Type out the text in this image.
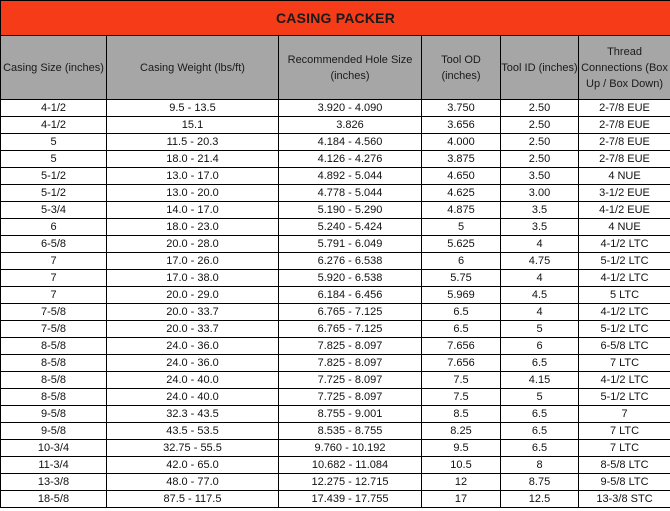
CASING PACKER					
Casing Size (inches)	Casing Weight (lbs/ft)	Recommended Hole Size (inches)	Tool OD (inches)	Tool ID (inches)	Thread Connections (Box Up / Box Down)
4-1/2	9.5 - 13.5	3.920 - 4.090	3.750	2.50	2-7/8 EUE
4-1/2	15.1	3.826	3.656	2.50	2-7/8 EUE
5	11.5 - 20.3	4.184 - 4.560	4.000	2.50	2-7/8 EUE
5	18.0 - 21.4	4.126 - 4.276	3.875	2.50	2-7/8 EUE
5-1/2	13.0 - 17.0	4.892 - 5.044	4.650	3.50	4 NUE
5-1/2	13.0 - 20.0	4.778 - 5.044	4.625	3.00	3-1/2 EUE
5-3/4	14.0 - 17.0	5.190 - 5.290	4.875	3.5	4-1/2 EUE
6	18.0 - 23.0	5.240 - 5.424	5	3.5	4 NUE
6-5/8	20.0 - 28.0	5.791 - 6.049	5.625	4	4-1/2 LTC
7	17.0 - 26.0	6.276 - 6.538	6	4.75	5-1/2 LTC
7	17.0 - 38.0	5.920 - 6.538	5.75	4	4-1/2 LTC
7	20.0 - 29.0	6.184 - 6.456	5.969	4.5	5 LTC
7-5/8	20.0 - 33.7	6.765 - 7.125	6.5	4	4-1/2 LTC
7-5/8	20.0 - 33.7	6.765 - 7.125	6.5	5	5-1/2 LTC
8-5/8	24.0 - 36.0	7.825 - 8.097	7.656	6	6-5/8 LTC
8-5/8	24.0 - 36.0	7.825 - 8.097	7.656	6.5	7 LTC
8-5/8	24.0 - 40.0	7.725 - 8.097	7.5	4.15	4-1/2 LTC
8-5/8	24.0 - 40.0	7.725 - 8.097	7.5	5	5-1/2 LTC
9-5/8	32.3 - 43.5	8.755 - 9.001	8.5	6.5	7
9-5/8	43.5 - 53.5	8.535 - 8.755	8.25	6.5	7 LTC
10-3/4	32.75 - 55.5	9.760 - 10.192	9.5	6.5	7 LTC
11-3/4	42.0 - 65.0	10.682 - 11.084	10.5	8	8-5/8 LTC
13-3/8	48.0 - 77.0	12.275 - 12.715	12	8.75	9-5/8 LTC
18-5/8	87.5 - 117.5	17.439 - 17.755	17	12.5	13-3/8 STC
